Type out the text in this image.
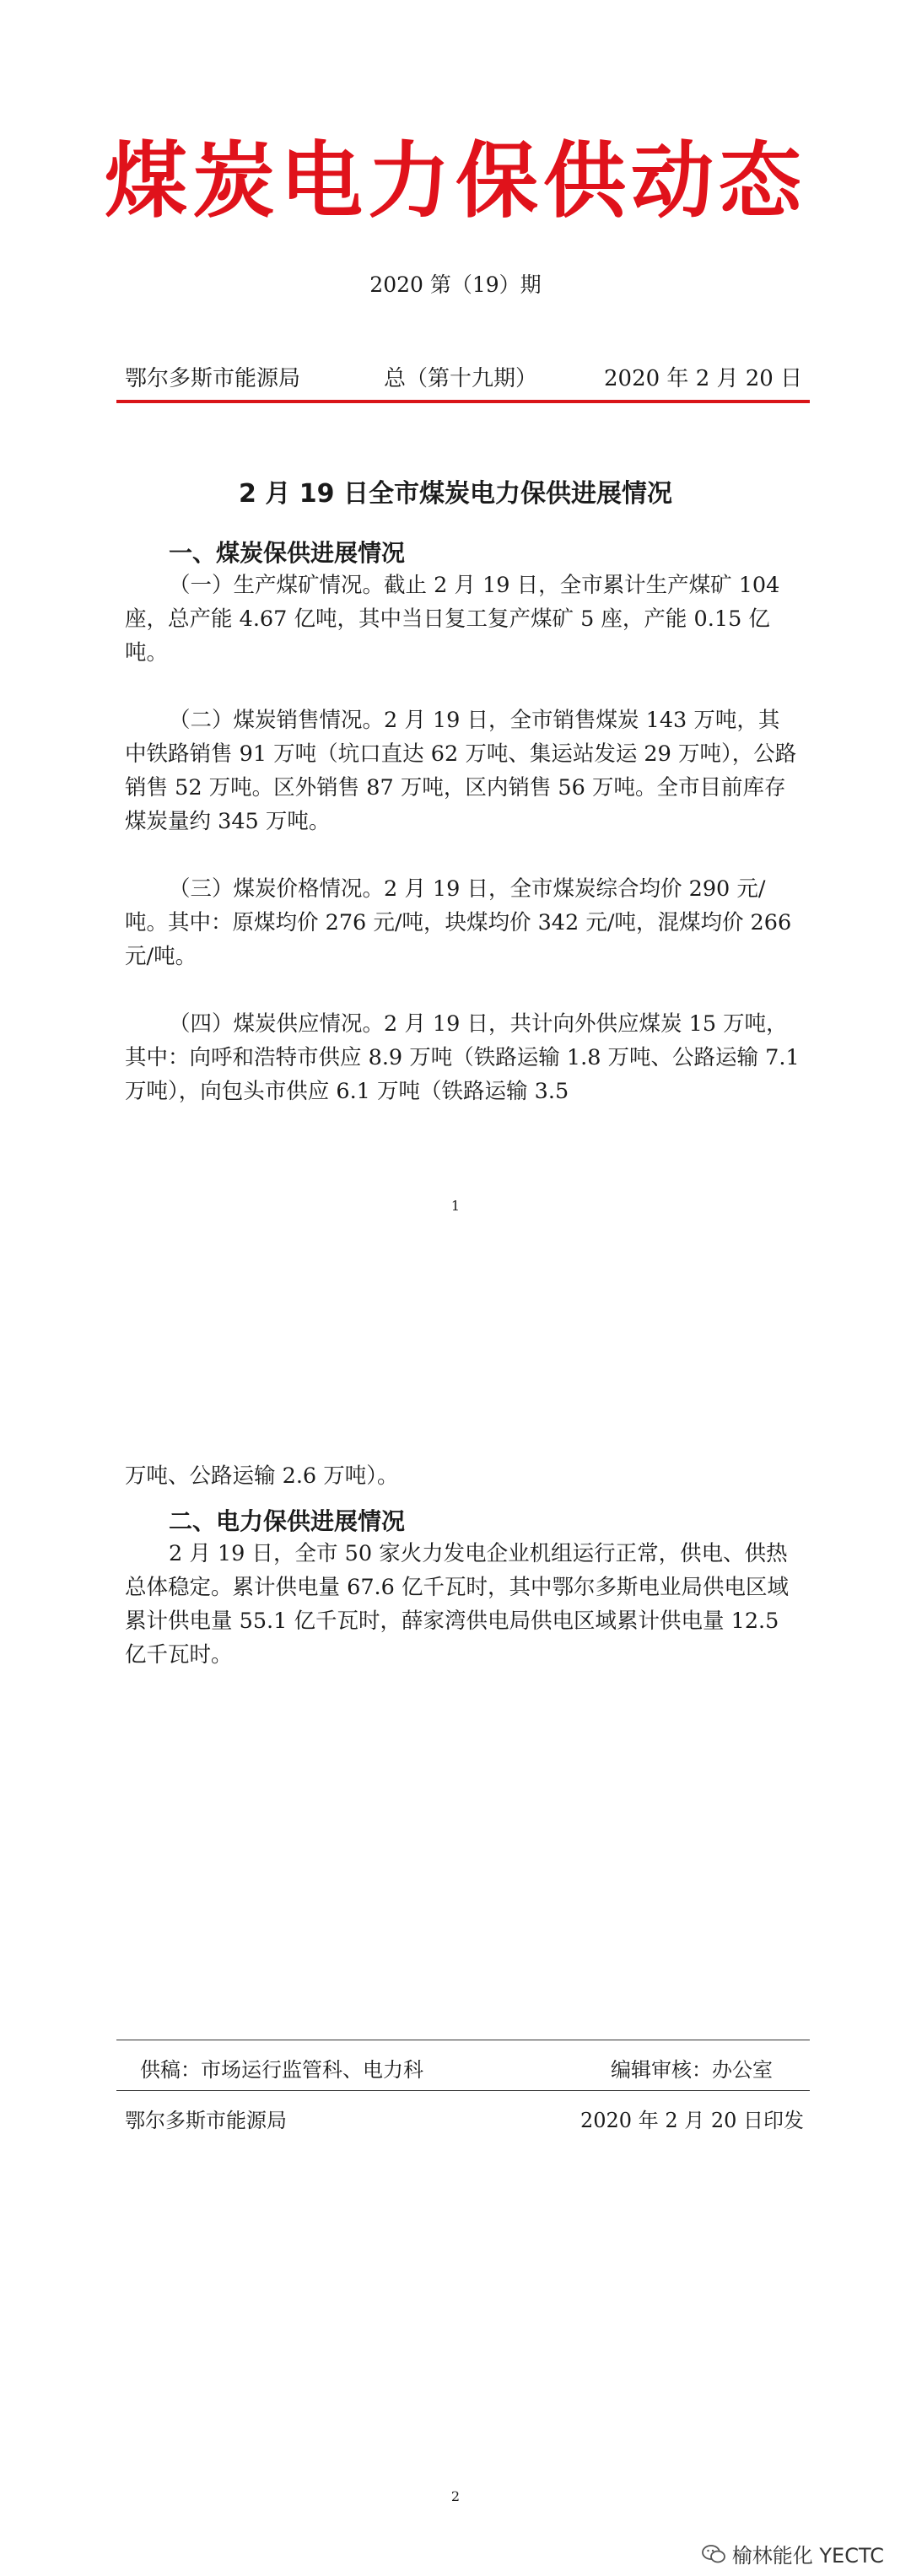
煤炭电力保供动态
2020 第（19）期
鄂尔多斯市能源局	总（第十九期）	2020 年 2 月 20 日
2 月 19 日全市煤炭电力保供进展情况
一、煤炭保供进展情况

（一）生产煤矿情况。截止 2 月 19 日，全市累计生产煤矿 104 座，总产能 4.67 亿吨，其中当日复工复产煤矿 5 座，产能 0.15 亿吨。

（二）煤炭销售情况。2 月 19 日，全市销售煤炭 143 万吨，其中铁路销售 91 万吨（坑口直达 62 万吨、集运站发运 29 万吨），公路销售 52 万吨。区外销售 87 万吨，区内销售 56 万吨。全市目前库存煤炭量约 345 万吨。

（三）煤炭价格情况。2 月 19 日，全市煤炭综合均价 290 元/吨。其中：原煤均价 276 元/吨，块煤均价 342 元/吨，混煤均价 266 元/吨。

（四）煤炭供应情况。2 月 19 日，共计向外供应煤炭 15 万吨，其中：向呼和浩特市供应 8.9 万吨（铁路运输 1.8 万吨、公路运输 7.1 万吨），向包头市供应 6.1 万吨（铁路运输 3.5

1

万吨、公路运输 2.6 万吨）。

二、电力保供进展情况

2 月 19 日，全市 50 家火力发电企业机组运行正常，供电、供热总体稳定。累计供电量 67.6 亿千瓦时，其中鄂尔多斯电业局供电区域累计供电量 55.1 亿千瓦时，薛家湾供电局供电区域累计供电量 12.5 亿千瓦时。

供稿：市场运行监管科、电力科	编辑审核：办公室
鄂尔多斯市能源局	2020 年 2 月 20 日印发
2
榆林能化 YECTC
